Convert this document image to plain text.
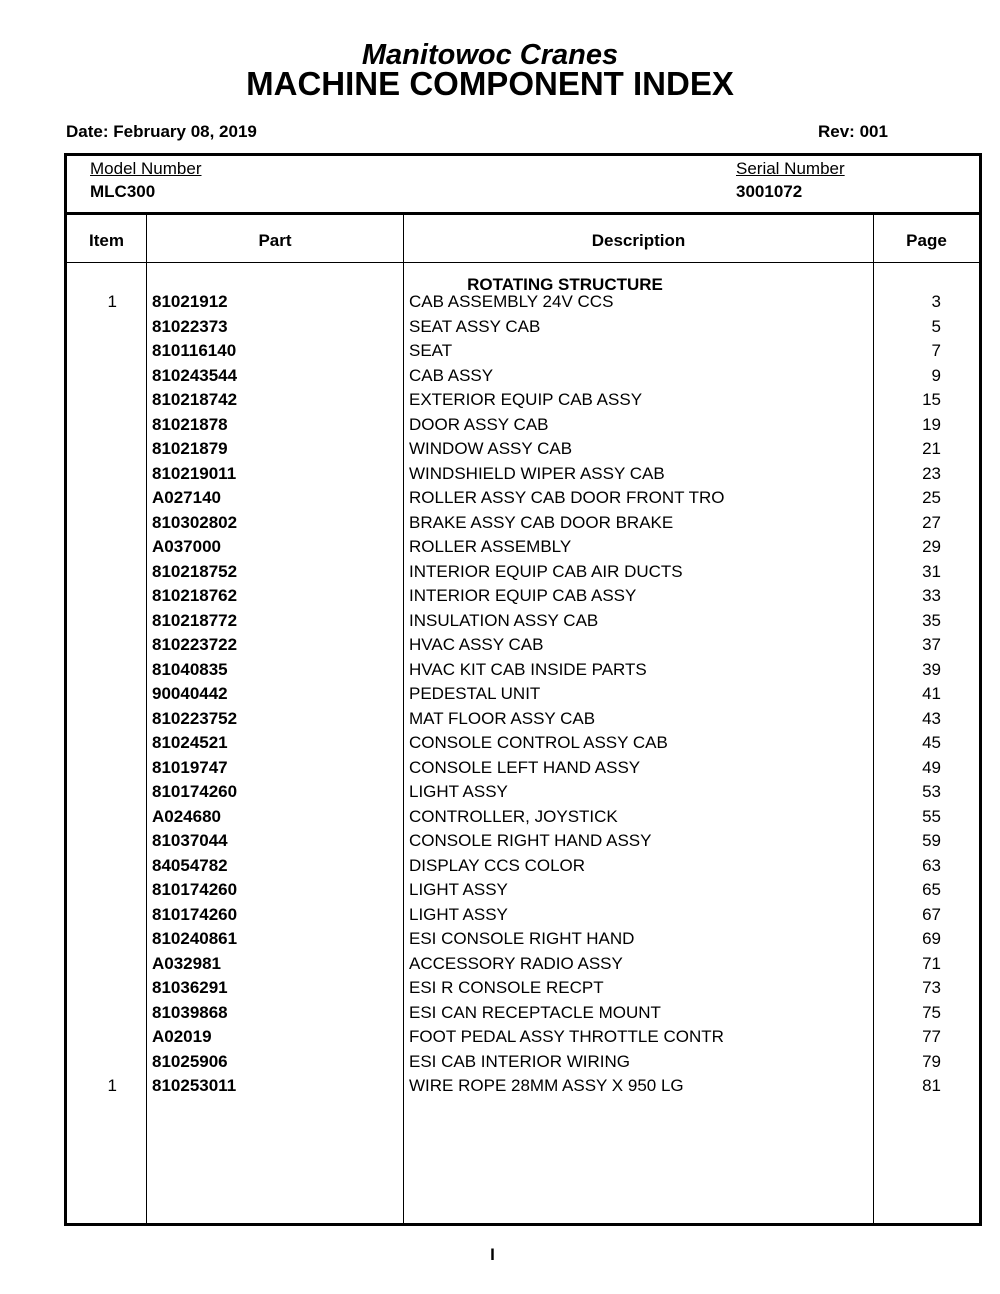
Manitowoc Cranes
MACHINE COMPONENT INDEX
Date: February 08, 2019	Rev: 001
Model Number
MLC300
Serial Number
3001072
Item	Part	Description	Page
ROTATING STRUCTURE
1 81021912	CAB ASSEMBLY 24V CCS	3
81022373	SEAT ASSY CAB	5
810116140	SEAT	7
810243544	CAB ASSY	9
810218742	EXTERIOR EQUIP CAB ASSY	15
81021878	DOOR ASSY CAB	19
81021879	WINDOW ASSY CAB	21
810219011	WINDSHIELD WIPER ASSY CAB	23
A027140	ROLLER ASSY CAB DOOR FRONT TRO	25
810302802	BRAKE ASSY CAB DOOR BRAKE	27
A037000	ROLLER ASSEMBLY	29
810218752	INTERIOR EQUIP CAB AIR DUCTS	31
810218762	INTERIOR EQUIP CAB ASSY	33
810218772	INSULATION ASSY CAB	35
810223722	HVAC ASSY CAB	37
81040835	HVAC KIT CAB INSIDE PARTS	39
90040442	PEDESTAL UNIT	41
810223752	MAT FLOOR ASSY CAB	43
81024521	CONSOLE CONTROL ASSY CAB	45
81019747	CONSOLE LEFT HAND ASSY	49
810174260	LIGHT ASSY	53
A024680	CONTROLLER, JOYSTICK	55
81037044	CONSOLE RIGHT HAND ASSY	59
84054782	DISPLAY CCS COLOR	63
810174260	LIGHT ASSY	65
810174260	LIGHT ASSY	67
810240861	ESI CONSOLE RIGHT HAND	69
A032981	ACCESSORY RADIO ASSY	71
81036291	ESI R CONSOLE RECPT	73
81039868	ESI CAN RECEPTACLE MOUNT	75
A02019	FOOT PEDAL ASSY THROTTLE CONTR	77
81025906	ESI CAB INTERIOR WIRING	79
1 810253011	WIRE ROPE 28MM ASSY X 950 LG	81
I
